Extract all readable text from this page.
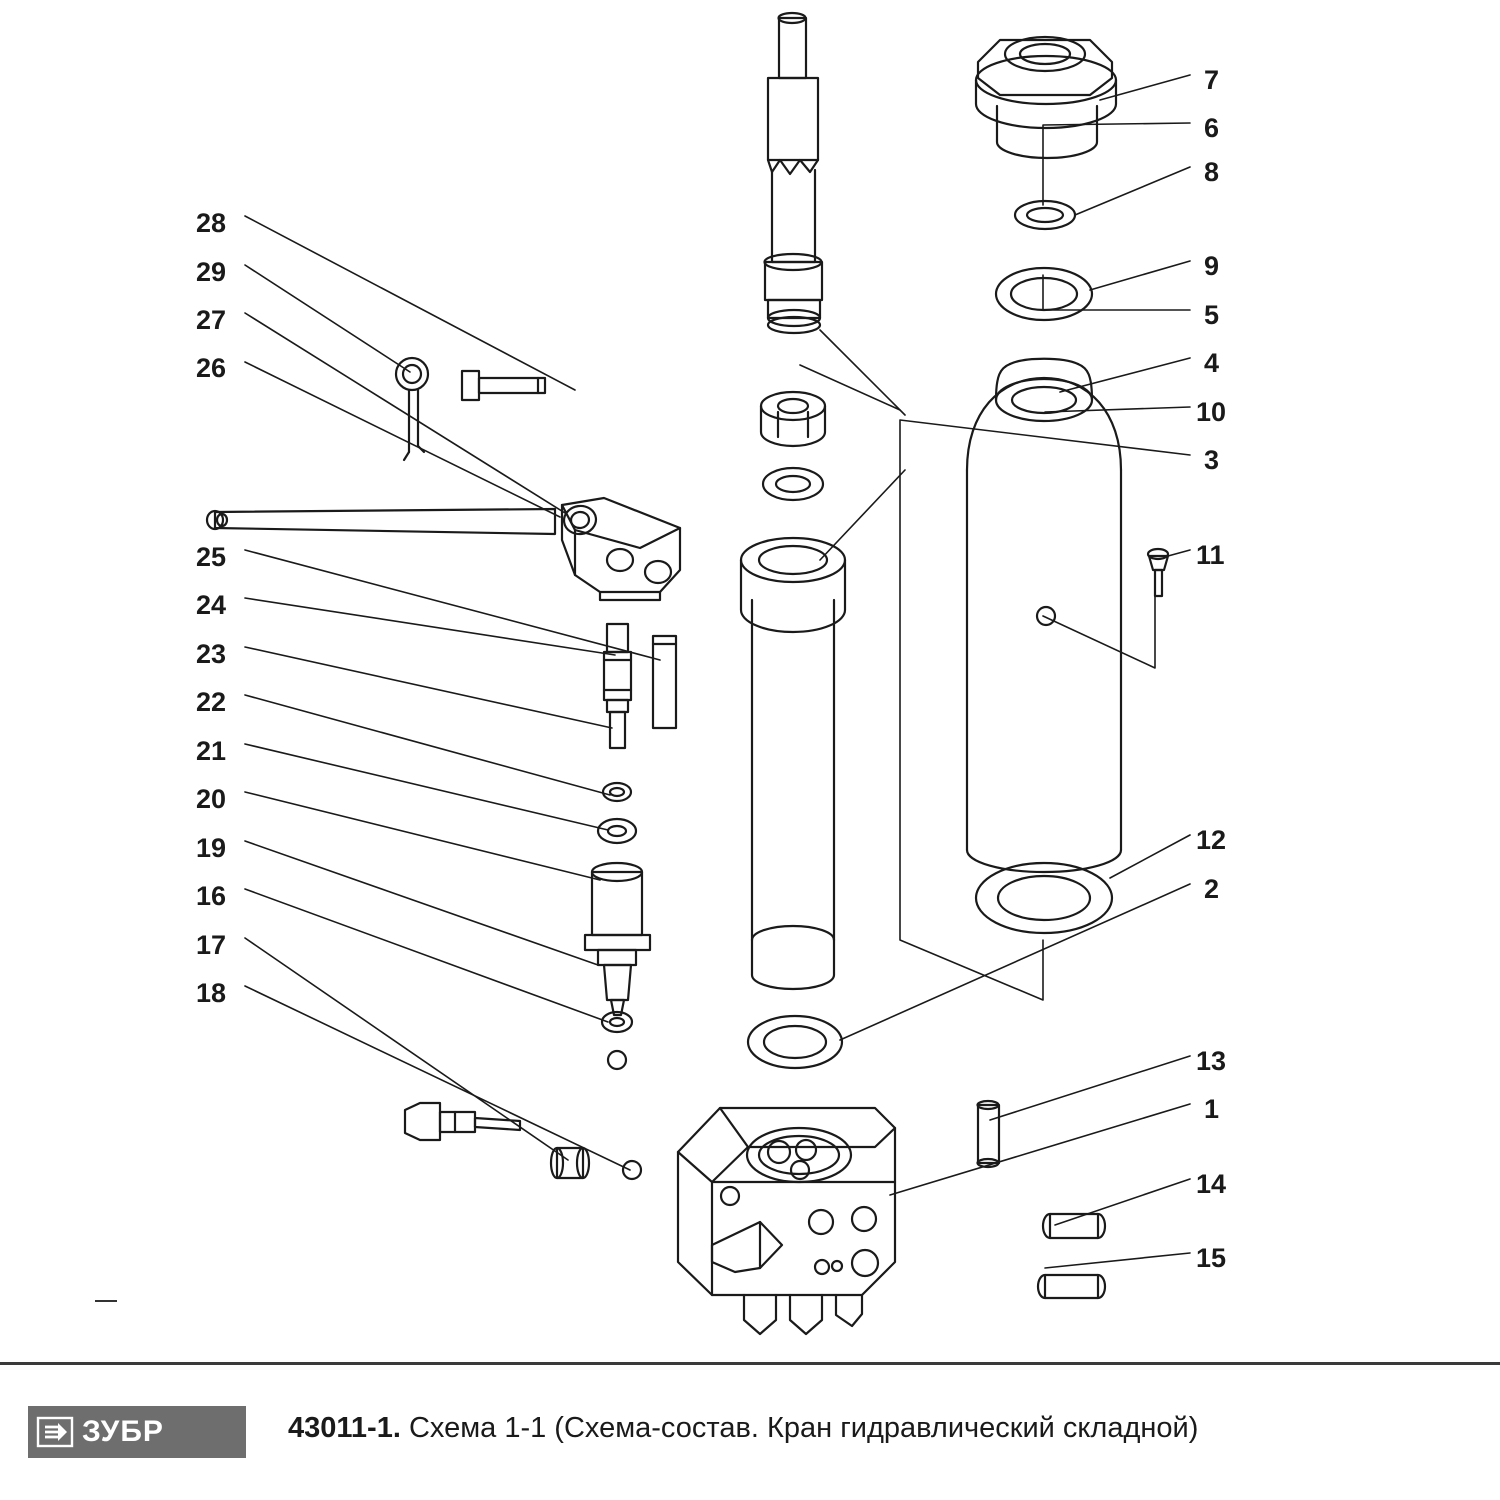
28
29
27
26
25
24
23
22
21
20
19
16
17
18
7
6
8
9
5
4
10
3
11
12
2
13
1
14
15
ЗУБР	43011-1. Схема 1-1 (Схема-состав. Кран гидравлический складной)
